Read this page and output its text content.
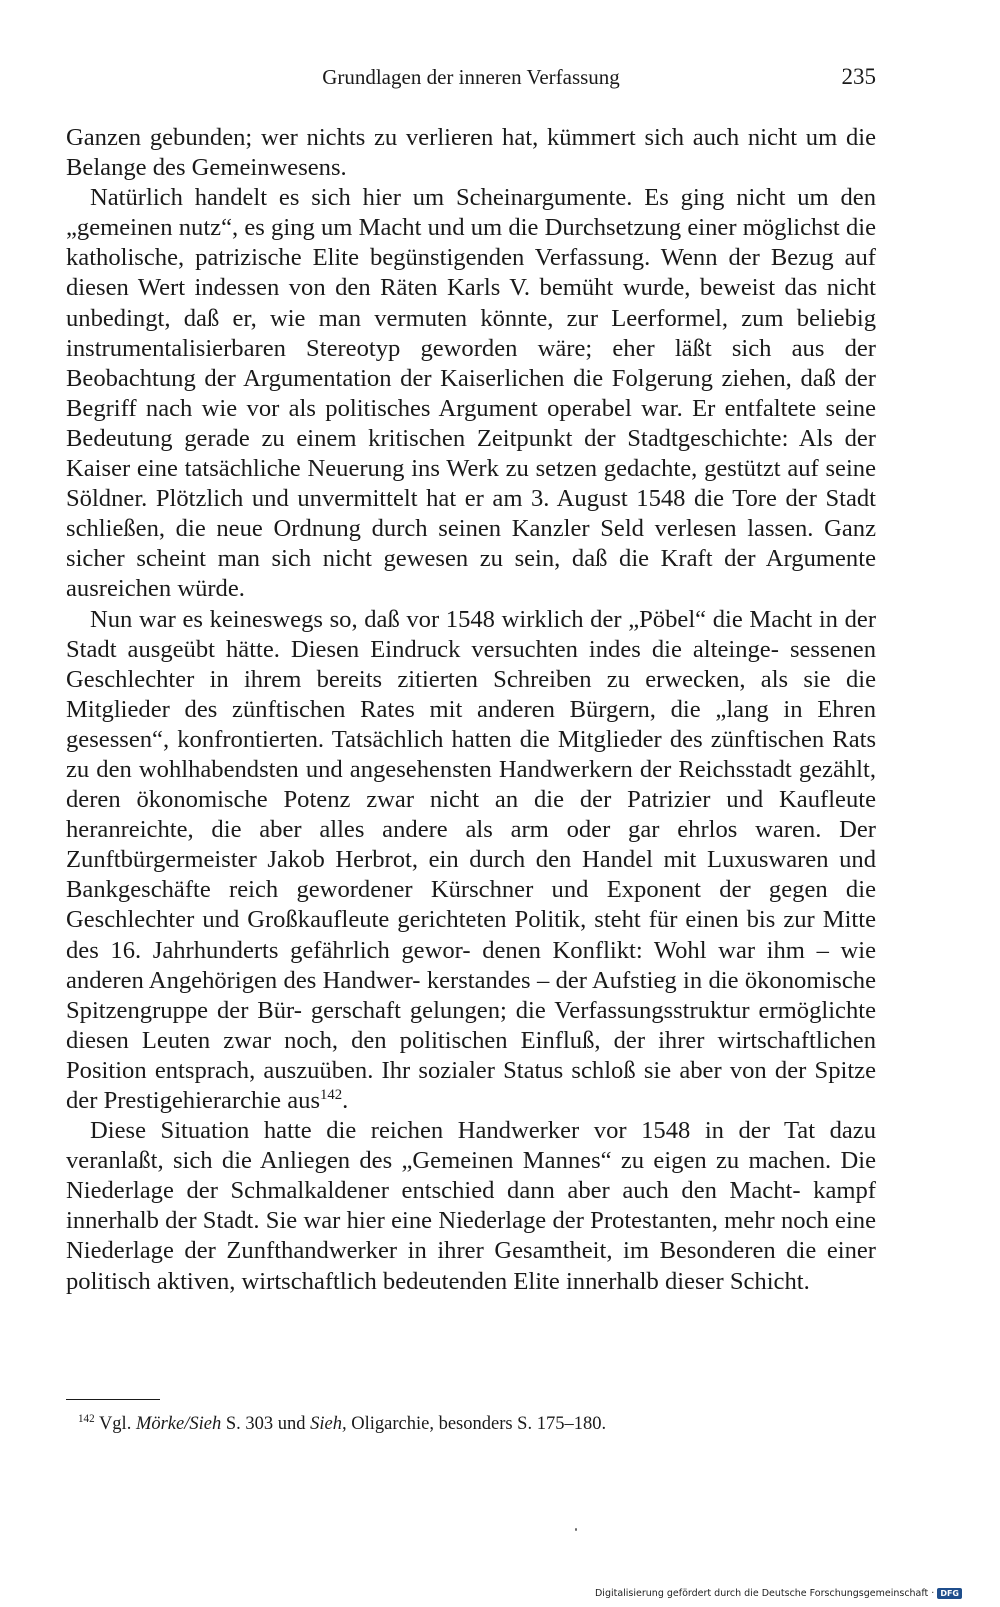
Grundlagen der inneren Verfassung	235

Ganzen gebunden; wer nichts zu verlieren hat, kümmert sich auch nicht um die Belange des Gemeinwesens.

Natürlich handelt es sich hier um Scheinargumente. Es ging nicht um den „gemeinen nutz“, es ging um Macht und um die Durchsetzung einer möglichst die katholische, patrizische Elite begünstigenden Verfassung. Wenn der Bezug auf diesen Wert indessen von den Räten Karls V. bemüht wurde, beweist das nicht unbedingt, daß er, wie man vermuten könnte, zur Leerformel, zum beliebig instrumentalisierbaren Stereotyp geworden wäre; eher läßt sich aus der Beobachtung der Argumentation der Kaiserlichen die Folgerung ziehen, daß der Begriff nach wie vor als politisches Argument operabel war. Er entfaltete seine Bedeutung gerade zu einem kritischen Zeitpunkt der Stadtgeschichte: Als der Kaiser eine tatsächliche Neuerung ins Werk zu setzen gedachte, gestützt auf seine Söldner. Plötzlich und unvermittelt hat er am 3. August 1548 die Tore der Stadt schließen, die neue Ordnung durch seinen Kanzler Seld verlesen lassen. Ganz sicher scheint man sich nicht gewesen zu sein, daß die Kraft der Argumente ausreichen würde.

Nun war es keineswegs so, daß vor 1548 wirklich der „Pöbel“ die Macht in der Stadt ausgeübt hätte. Diesen Eindruck versuchten indes die alteinge- sessenen Geschlechter in ihrem bereits zitierten Schreiben zu erwecken, als sie die Mitglieder des zünftischen Rates mit anderen Bürgern, die „lang in Ehren gesessen“, konfrontierten. Tatsächlich hatten die Mitglieder des zünftischen Rats zu den wohlhabendsten und angesehensten Handwerkern der Reichsstadt gezählt, deren ökonomische Potenz zwar nicht an die der Patrizier und Kaufleute heranreichte, die aber alles andere als arm oder gar ehrlos waren. Der Zunftbürgermeister Jakob Herbrot, ein durch den Handel mit Luxuswaren und Bankgeschäfte reich gewordener Kürschner und Exponent der gegen die Geschlechter und Großkaufleute gerichteten Politik, steht für einen bis zur Mitte des 16. Jahrhunderts gefährlich gewor- denen Konflikt: Wohl war ihm – wie anderen Angehörigen des Handwer- kerstandes – der Aufstieg in die ökonomische Spitzengruppe der Bür- gerschaft gelungen; die Verfassungsstruktur ermöglichte diesen Leuten zwar noch, den politischen Einfluß, der ihrer wirtschaftlichen Position entsprach, auszuüben. Ihr sozialer Status schloß sie aber von der Spitze der Prestigehierarchie aus$^{142}$.

Diese Situation hatte die reichen Handwerker vor 1548 in der Tat dazu veranlaßt, sich die Anliegen des „Gemeinen Mannes“ zu eigen zu machen. Die Niederlage der Schmalkaldener entschied dann aber auch den Macht- kampf innerhalb der Stadt. Sie war hier eine Niederlage der Protestanten, mehr noch eine Niederlage der Zunfthandwerker in ihrer Gesamtheit, im Besonderen die einer politisch aktiven, wirtschaftlich bedeutenden Elite innerhalb dieser Schicht.

$^{142}$ Vgl. Mörke/Sieh S. 303 und Sieh, Oligarchie, besonders S. 175–180.
Digitalisierung gefördert durch die Deutsche Forschungsgemeinschaft · DFG
